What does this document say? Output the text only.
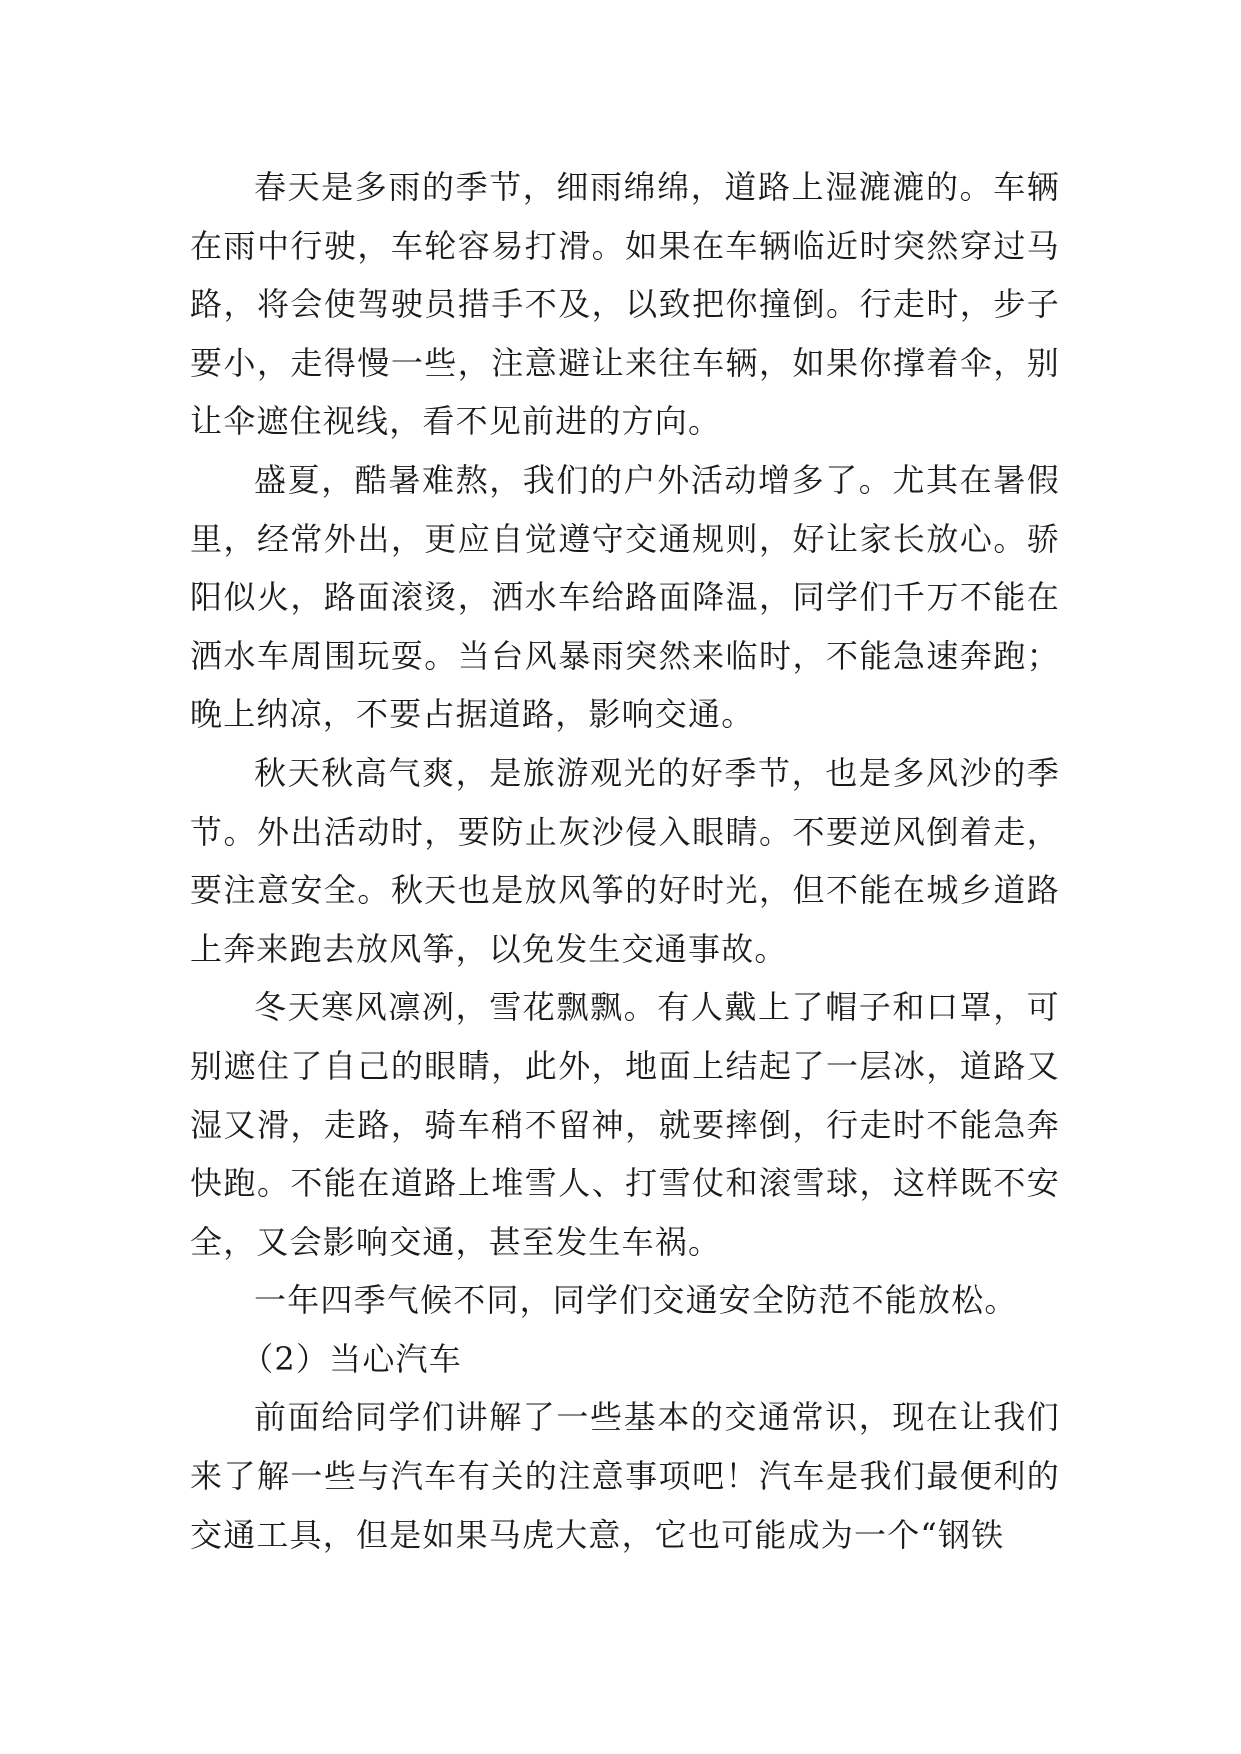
春天是多雨的季节，细雨绵绵，道路上湿漉漉的。车辆在雨中行驶，车轮容易打滑。如果在车辆临近时突然穿过马路，将会使驾驶员措手不及，以致把你撞倒。行走时，步子要小，走得慢一些，注意避让来往车辆，如果你撑着伞，别让伞遮住视线，看不见前进的方向。

盛夏，酷暑难熬，我们的户外活动增多了。尤其在暑假里，经常外出，更应自觉遵守交通规则，好让家长放心。骄阳似火，路面滚烫，洒水车给路面降温，同学们千万不能在洒水车周围玩耍。当台风暴雨突然来临时，不能急速奔跑；晚上纳凉，不要占据道路，影响交通。

秋天秋高气爽，是旅游观光的好季节，也是多风沙的季节。外出活动时，要防止灰沙侵入眼睛。不要逆风倒着走，要注意安全。秋天也是放风筝的好时光，但不能在城乡道路上奔来跑去放风筝，以免发生交通事故。

冬天寒风凛冽，雪花飘飘。有人戴上了帽子和口罩，可别遮住了自己的眼睛，此外，地面上结起了一层冰，道路又湿又滑，走路，骑车稍不留神，就要摔倒，行走时不能急奔快跑。不能在道路上堆雪人、打雪仗和滚雪球，这样既不安全，又会影响交通，甚至发生车祸。

一年四季气候不同，同学们交通安全防范不能放松。

（2）当心汽车

前面给同学们讲解了一些基本的交通常识，现在让我们来了解一些与汽车有关的注意事项吧！汽车是我们最便利的交通工具，但是如果马虎大意，它也可能成为一个“钢铁
